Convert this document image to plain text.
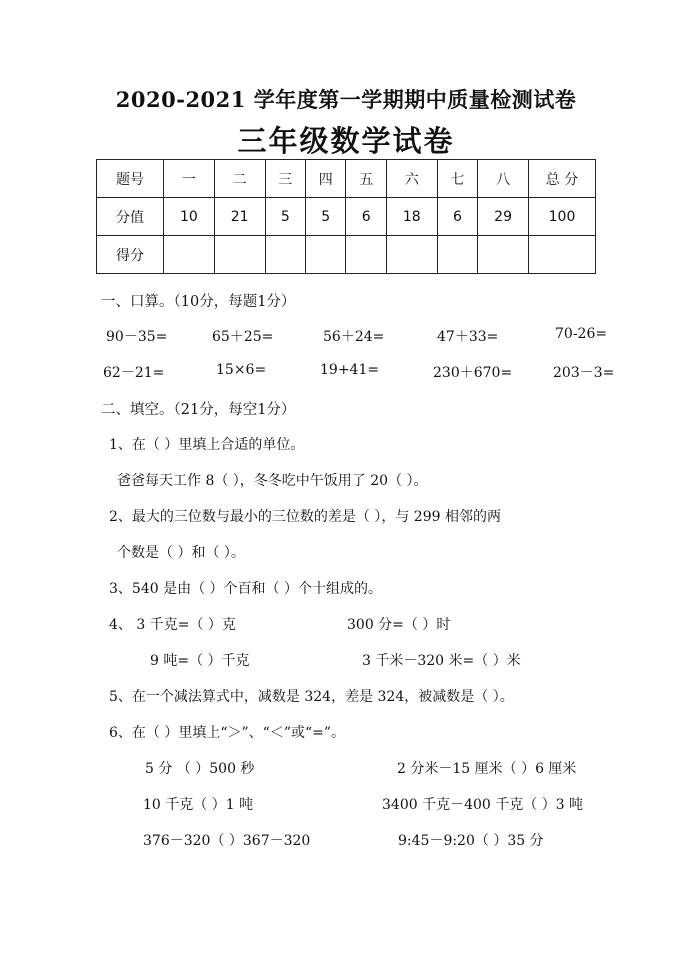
2020-2021 学年度第一学期期中质量检测试卷
三年级数学试卷
题号	一	二	三	四	五	六	七	八	总 分
分值	10	21	5	5	6	18	6	29	100
得分									
一、口算。（10分，每题1分）
90－35=	65＋25=	56＋24=	47＋33=	70-26=
62－21=	15×6=	19+41=	230＋670=	203－3=
二、填空。（21分，每空1分）
1、在（ ）里填上合适的单位。
爸爸每天工作 8（ ），冬冬吃中午饭用了 20（ ）。
2、最大的三位数与最小的三位数的差是（ ），与 299 相邻的两
个数是（ ）和（ ）。
3、540 是由（ ）个百和（ ）个十组成的。
4、 3 千克=（ ）克	300 分=（ ）时
9 吨=（ ）千克	3 千米－320 米=（ ）米
5、在一个减法算式中，减数是 324，差是 324，被减数是（ ）。
6、在（ ）里填上“＞”、“＜”或“=”。
5 分 （ ）500 秒	2 分米－15 厘米（ ）6 厘米
10 千克（ ）1 吨	3400 千克－400 千克（ ）3 吨
376－320（ ）367－320	9:45－9:20（ ）35 分
